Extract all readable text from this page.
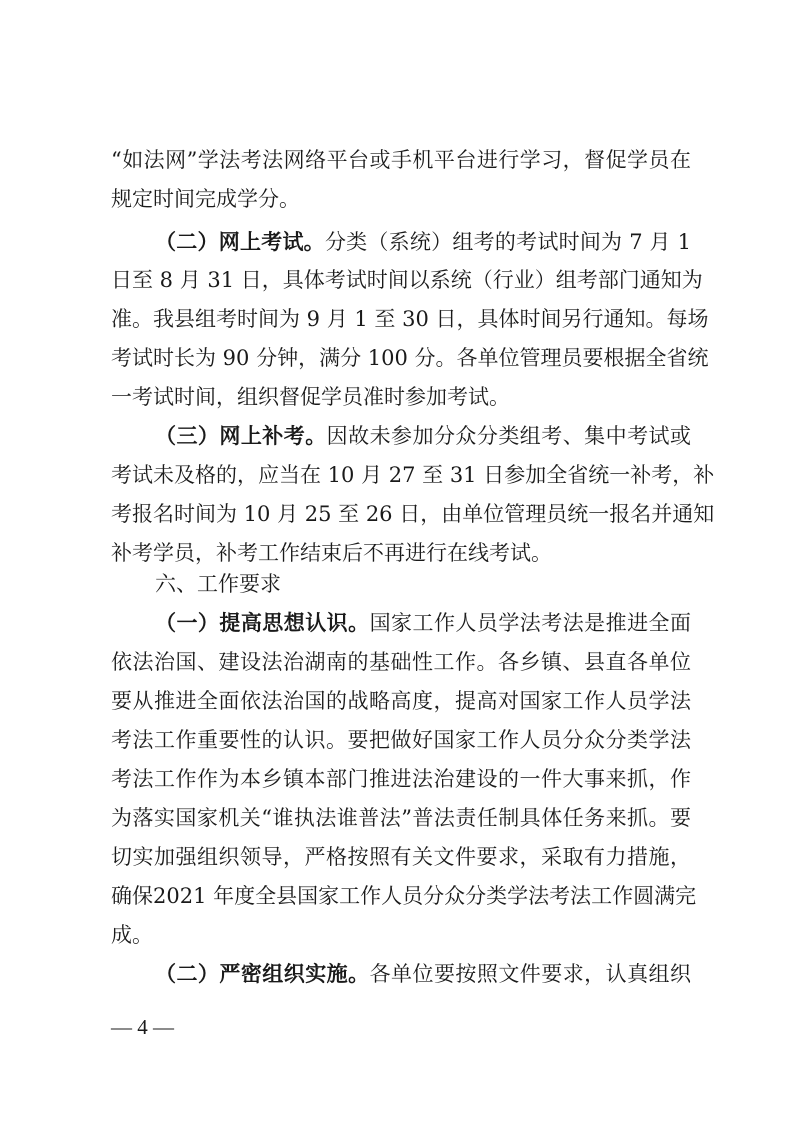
“如法网”学法考法网络平台或手机平台进行学习，督促学员在
规定时间完成学分。
（二）网上考试。分类（系统）组考的考试时间为 7 月 1
日至 8 月 31 日，具体考试时间以系统（行业）组考部门通知为
准。我县组考时间为 9 月 1 至 30 日，具体时间另行通知。每场
考试时长为 90 分钟，满分 100 分。各单位管理员要根据全省统
一考试时间，组织督促学员准时参加考试。
（三）网上补考。因故未参加分众分类组考、集中考试或
考试未及格的，应当在 10 月 27 至 31 日参加全省统一补考，补
考报名时间为 10 月 25 至 26 日，由单位管理员统一报名并通知
补考学员，补考工作结束后不再进行在线考试。
六、工作要求
（一）提高思想认识。国家工作人员学法考法是推进全面
依法治国、建设法治湖南的基础性工作。各乡镇、县直各单位
要从推进全面依法治国的战略高度，提高对国家工作人员学法
考法工作重要性的认识。要把做好国家工作人员分众分类学法
考法工作作为本乡镇本部门推进法治建设的一件大事来抓，作
为落实国家机关“谁执法谁普法”普法责任制具体任务来抓。要
切实加强组织领导，严格按照有关文件要求，采取有力措施，
确保2021 年度全县国家工作人员分众分类学法考法工作圆满完
成。
（二）严密组织实施。各单位要按照文件要求，认真组织
— 4 —
